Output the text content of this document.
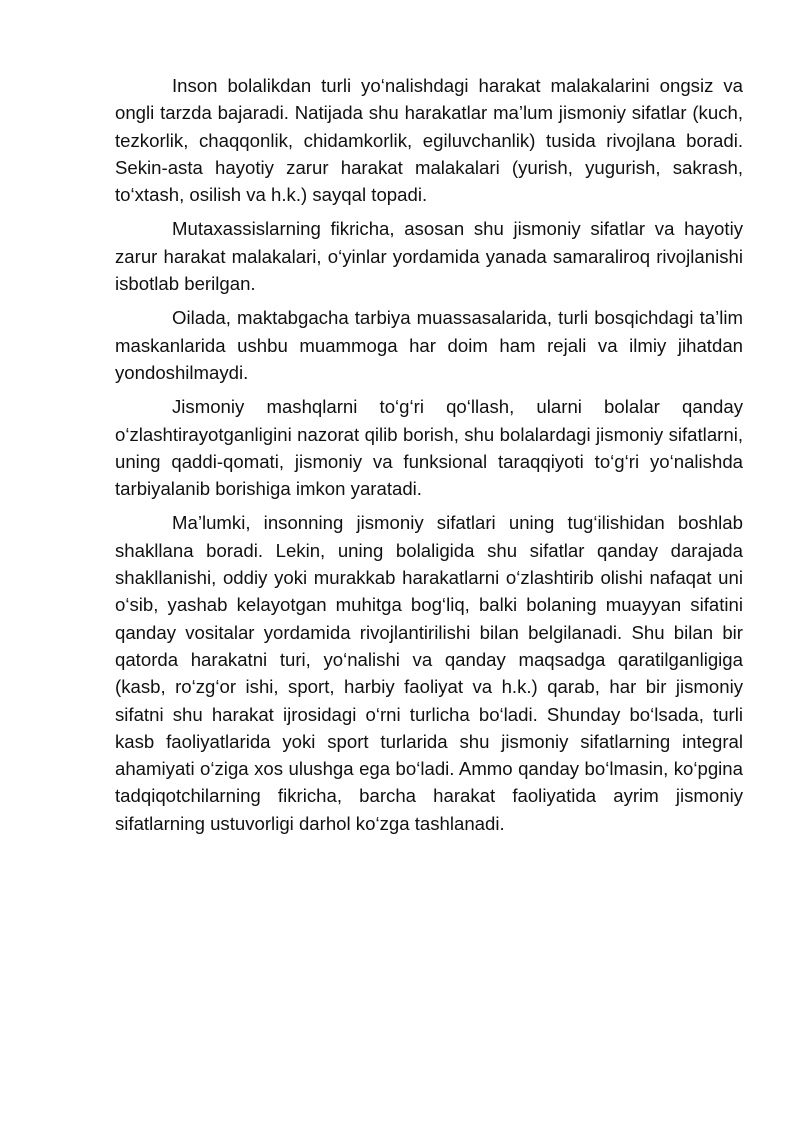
Inson bolalikdan turli yo‘nalishdagi harakat malakalarini ongsiz va ongli tarzda bajaradi. Natijada shu harakatlar ma’lum jismoniy sifatlar (kuch, tezkorlik, chaqqonlik, chidamkorlik, egiluvchanlik) tusida rivojlana boradi. Sekin-asta hayotiy zarur harakat malakalari (yurish, yugurish, sakrash, to‘xtash, osilish va h.k.) sayqal topadi.

Mutaxassislarning fikricha, asosan shu jismoniy sifatlar va hayotiy zarur harakat malakalari, o‘yinlar yordamida yanada samaraliroq rivojlanishi isbotlab berilgan.

Oilada, maktabgacha tarbiya muassasalarida, turli bosqichdagi ta’lim maskanlarida ushbu muammoga har doim ham rejali va ilmiy jihatdan yondoshilmaydi.

Jismoniy mashqlarni to‘g‘ri qo‘llash, ularni bolalar qanday o‘zlashtirayotganligini nazorat qilib borish, shu bolalardagi jismoniy sifatlarni, uning qaddi-qomati, jismoniy va funksional taraqqiyoti to‘g‘ri yo‘nalishda tarbiyalanib borishiga imkon yaratadi.

Ma’lumki, insonning jismoniy sifatlari uning tug‘ilishidan boshlab shakllana boradi. Lekin, uning bolaligida shu sifatlar qanday darajada shakllanishi, oddiy yoki murakkab harakatlarni o‘zlashtirib olishi nafaqat uni o‘sib, yashab kelayotgan muhitga bog‘liq, balki bolaning muayyan sifatini qanday vositalar yordamida rivojlantirilishi bilan belgilanadi. Shu bilan bir qatorda harakatni turi, yo‘nalishi va qanday maqsadga qaratilganligiga (kasb, ro‘zg‘or ishi, sport, harbiy faoliyat va h.k.) qarab, har bir jismoniy sifatni shu harakat ijrosidagi o‘rni turlicha bo‘ladi. Shunday bo‘lsada, turli kasb faoliyatlarida yoki sport turlarida shu jismoniy sifatlarning integral ahamiyati o‘ziga xos ulushga ega bo‘ladi. Ammo qanday bo‘lmasin, ko‘pgina tadqiqotchilarning fikricha, barcha harakat faoliyatida ayrim jismoniy sifatlarning ustuvorligi darhol ko‘zga tashlanadi.
